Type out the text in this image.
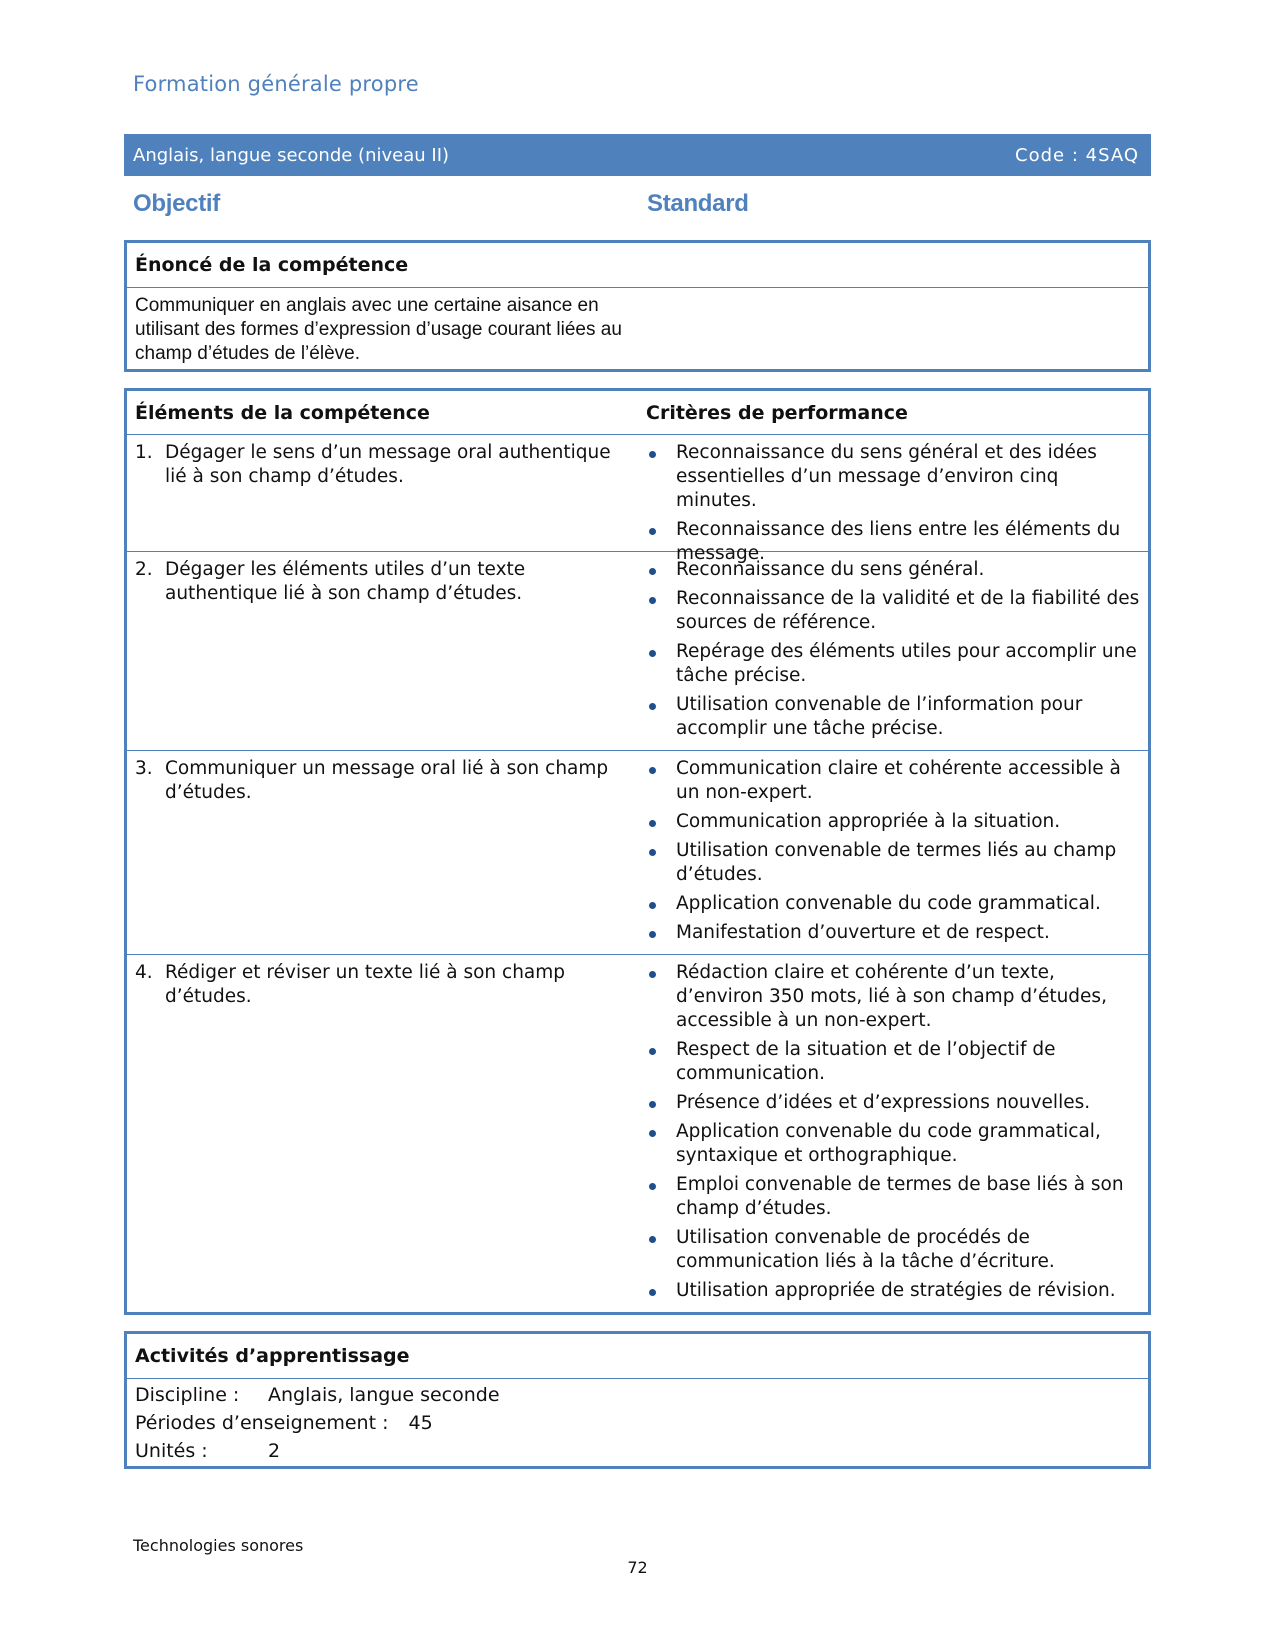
Formation générale propre
Anglais, langue seconde (niveau II)	Code : 4SAQ
Objectif	Standard
Énoncé de la compétence
Communiquer en anglais avec une certaine aisance en utilisant des formes d’expression d’usage courant liées au champ d’études de l’élève.
Éléments de la compétence	Critères de performance
1. Dégager le sens d’un message oral authentique lié à son champ d’études.
Reconnaissance du sens général et des idées essentielles d’un message d’environ cinq minutes.
Reconnaissance des liens entre les éléments du message.
2. Dégager les éléments utiles d’un texte authentique lié à son champ d’études.
Reconnaissance du sens général.
Reconnaissance de la validité et de la fiabilité des sources de référence.
Repérage des éléments utiles pour accomplir une tâche précise.
Utilisation convenable de l’information pour accomplir une tâche précise.
3. Communiquer un message oral lié à son champ d’études.
Communication claire et cohérente accessible à un non-expert.
Communication appropriée à la situation.
Utilisation convenable de termes liés au champ d’études.
Application convenable du code grammatical.
Manifestation d’ouverture et de respect.
4. Rédiger et réviser un texte lié à son champ d’études.
Rédaction claire et cohérente d’un texte, d’environ 350 mots, lié à son champ d’études, accessible à un non-expert.
Respect de la situation et de l’objectif de communication.
Présence d’idées et d’expressions nouvelles.
Application convenable du code grammatical, syntaxique et orthographique.
Emploi convenable de termes de base liés à son champ d’études.
Utilisation convenable de procédés de communication liés à la tâche d’écriture.
Utilisation appropriée de stratégies de révision.
Activités d’apprentissage
Discipline :	Anglais, langue seconde
Périodes d’enseignement :	45
Unités :	2
Technologies sonores
72
